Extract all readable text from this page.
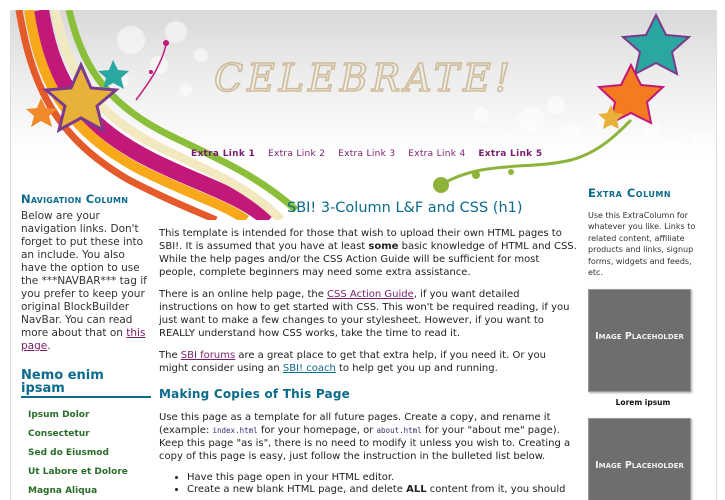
CELEBRATE!
Extra Link 1 Extra Link 2 Extra Link 3 Extra Link 4 Extra Link 5
Navigation Column

Below are your navigation links. Don't forget to put these into an include. You also have the option to use the ***NAVBAR*** tag if you prefer to keep your original BlockBuilder NavBar. You can read more about that on this page.

Nemo enim ipsam
Ipsum Dolor
Consectetur
Sed do Eiusmod
Ut Labore et Dolore
Magna Aliqua
SBI! 3-Column L&F and CSS (h1)

This template is intended for those that wish to upload their own HTML pages to SBI!. It is assumed that you have at least some basic knowledge of HTML and CSS. While the help pages and/or the CSS Action Guide will be sufficient for most people, complete beginners may need some extra assistance.

There is an online help page, the CSS Action Guide, if you want detailed instructions on how to get started with CSS. This won't be required reading, if you just want to make a few changes to your stylesheet. However, if you want to REALLY understand how CSS works, take the time to read it.

The SBI forums are a great place to get that extra help, if you need it. Or you might consider using an SBI! coach to help get you up and running.

Making Copies of This Page

Use this page as a template for all future pages. Create a copy, and rename it (example: index.html for your homepage, or about.html for your "about me" page). Keep this page "as is", there is no need to modify it unless you wish to. Creating a copy of this page is easy, just follow the instruction in the bulleted list below.

• Have this page open in your HTML editor.
• Create a new blank HTML page, and delete ALL content from it, you should
Extra Column

Use this ExtraColumn for whatever you like. Links to related content, affiliate products and links, signup forms, widgets and feeds, etc.

Image Placeholder
Lorem ipsum
Image Placeholder
